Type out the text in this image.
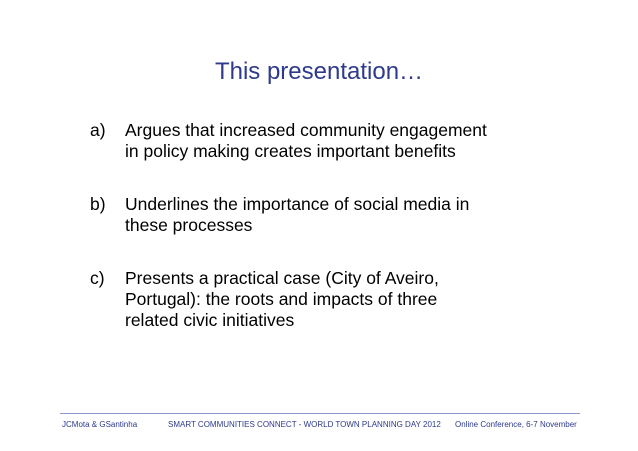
This presentation…
a)	Argues that increased community engagement
in policy making creates important benefits
b)	Underlines the importance of social media in
these processes
c)	Presents a practical case (City of Aveiro,
Portugal): the roots and impacts of three
related civic initiatives
JCMota & GSantinha	SMART COMMUNITIES CONNECT - WORLD TOWN PLANNING DAY 2012 Online Conference, 6-7 November
